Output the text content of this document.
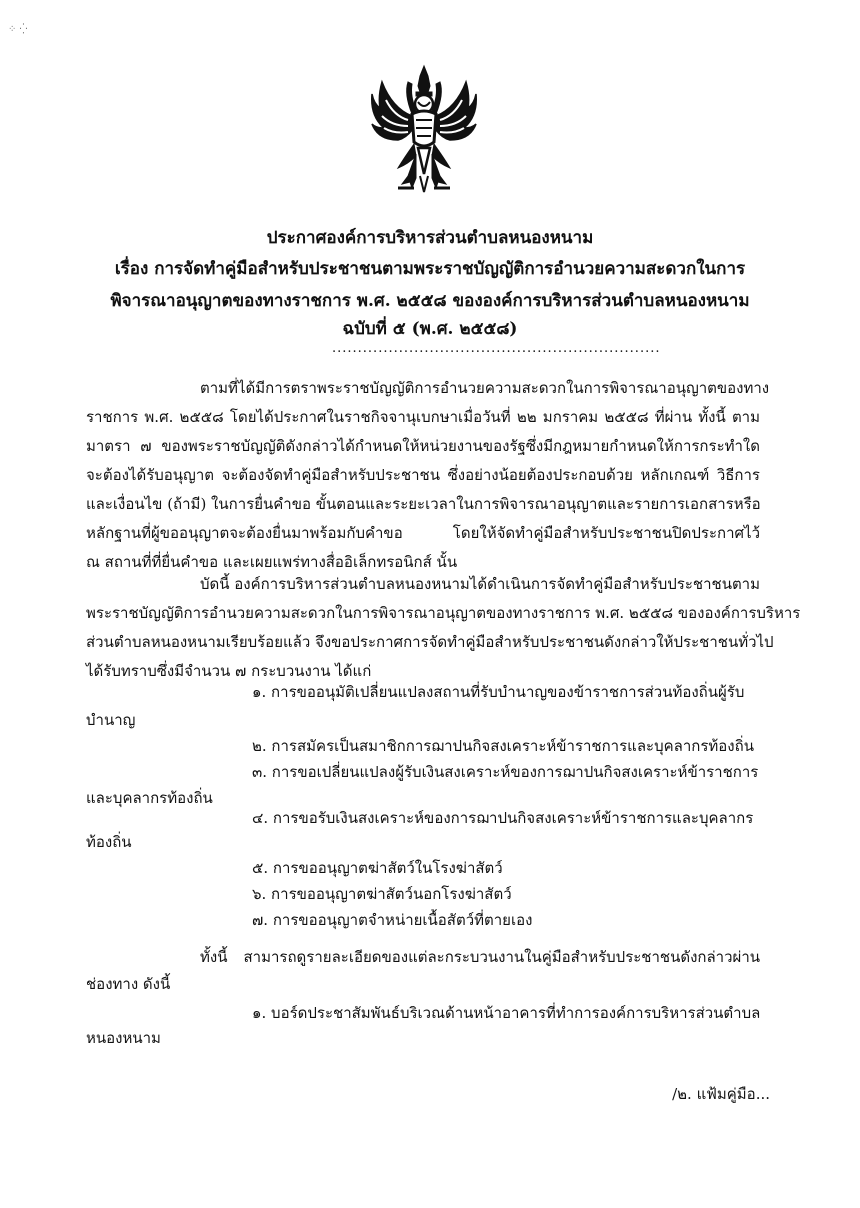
⁘ ⁛
ประกาศองค์การบริหารส่วนตำบลหนองหนาม
เรื่อง การจัดทำคู่มือสำหรับประชาชนตามพระราชบัญญัติการอำนวยความสะดวกในการ
พิจารณาอนุญาตของทางราชการ พ.ศ. ๒๕๕๘ ขององค์การบริหารส่วนตำบลหนองหนาม
ฉบับที่ ๕ (พ.ศ. ๒๕๕๘)
................................................................
ตามที่ได้มีการตราพระราชบัญญัติการอำนวยความสะดวกในการพิจารณาอนุญาตของทาง
ราชการ พ.ศ. ๒๕๕๘ โดยได้ประกาศในราชกิจจานุเบกษาเมื่อวันที่ ๒๒ มกราคม ๒๕๕๘ ที่ผ่าน ทั้งนี้ ตาม
มาตรา ๗ ของพระราชบัญญัติดังกล่าวได้กำหนดให้หน่วยงานของรัฐซึ่งมีกฎหมายกำหนดให้การกระทำใด
จะต้องได้รับอนุญาต จะต้องจัดทำคู่มือสำหรับประชาชน ซึ่งอย่างน้อยต้องประกอบด้วย หลักเกณฑ์ วิธีการ
และเงื่อนไข (ถ้ามี) ในการยื่นคำขอ ขั้นตอนและระยะเวลาในการพิจารณาอนุญาตและรายการเอกสารหรือ
หลักฐานที่ผู้ขออนุญาตจะต้องยื่นมาพร้อมกับคำขอ โดยให้จัดทำคู่มือสำหรับประชาชนปิดประกาศไว้
ณ สถานที่ที่ยื่นคำขอ และเผยแพร่ทางสื่ออิเล็กทรอนิกส์ นั้น
บัดนี้ องค์การบริหารส่วนตำบลหนองหนามได้ดำเนินการจัดทำคู่มือสำหรับประชาชนตาม
พระราชบัญญัติการอำนวยความสะดวกในการพิจารณาอนุญาตของทางราชการ พ.ศ. ๒๕๕๘ ขององค์การบริหาร
ส่วนตำบลหนองหนามเรียบร้อยแล้ว จึงขอประกาศการจัดทำคู่มือสำหรับประชาชนดังกล่าวให้ประชาชนทั่วไป
ได้รับทราบซึ่งมีจำนวน ๗ กระบวนงาน ได้แก่
๑. การขออนุมัติเปลี่ยนแปลงสถานที่รับบำนาญของข้าราชการส่วนท้องถิ่นผู้รับ
บำนาญ
๒. การสมัครเป็นสมาชิกการฌาปนกิจสงเคราะห์ข้าราชการและบุคลากรท้องถิ่น
๓. การขอเปลี่ยนแปลงผู้รับเงินสงเคราะห์ของการฌาปนกิจสงเคราะห์ข้าราชการ
และบุคลากรท้องถิ่น
๔. การขอรับเงินสงเคราะห์ของการฌาปนกิจสงเคราะห์ข้าราชการและบุคลากร
ท้องถิ่น
๕. การขออนุญาตฆ่าสัตว์ในโรงฆ่าสัตว์
๖. การขออนุญาตฆ่าสัตว์นอกโรงฆ่าสัตว์
๗. การขออนุญาตจำหน่ายเนื้อสัตว์ที่ตายเอง
ทั้งนี้ สามารถดูรายละเอียดของแต่ละกระบวนงานในคู่มือสำหรับประชาชนดังกล่าวผ่าน
ช่องทาง ดังนี้
๑. บอร์ดประชาสัมพันธ์บริเวณด้านหน้าอาคารที่ทำการองค์การบริหารส่วนตำบล
หนองหนาม
/๒. แฟ้มคู่มือ...
